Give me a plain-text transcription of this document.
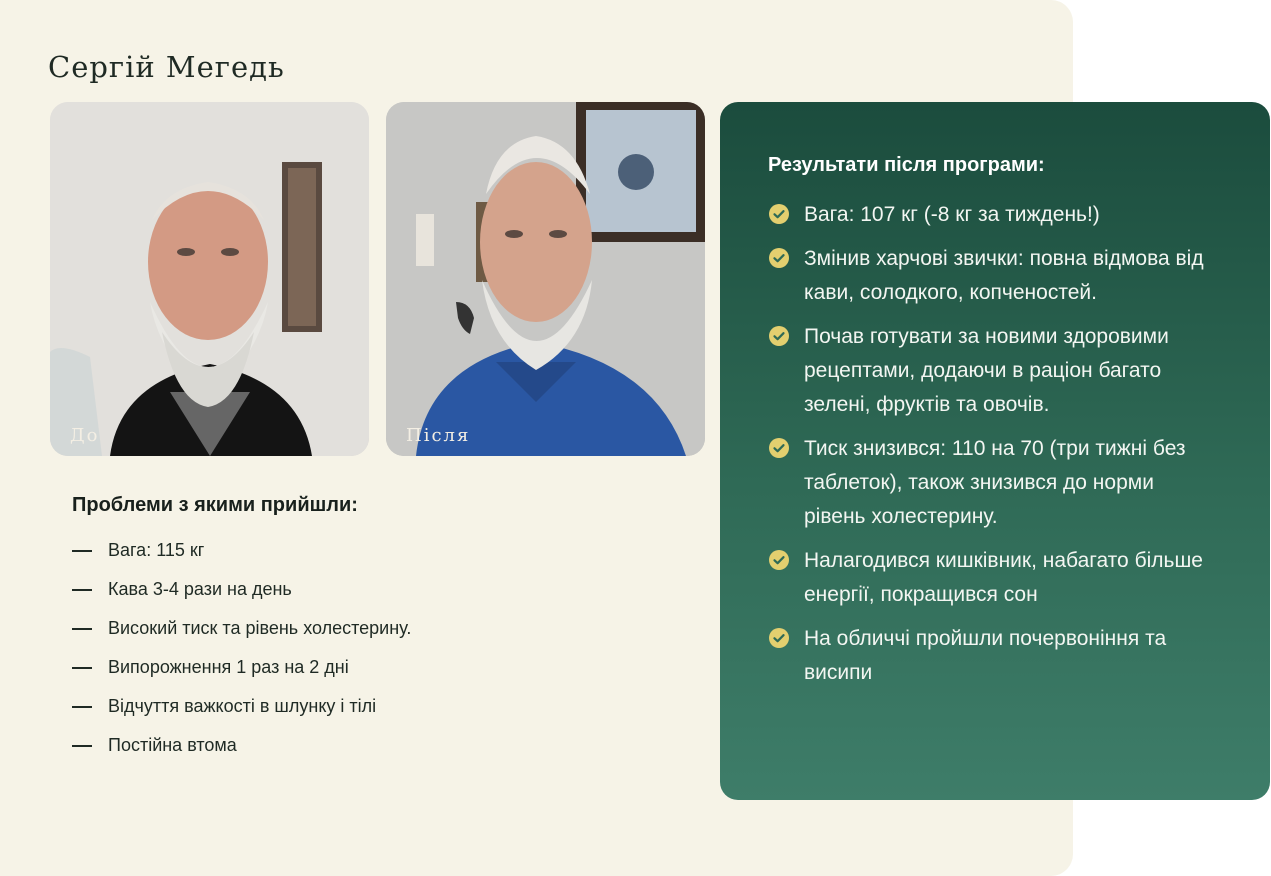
Сергій Мегедь
До	Після
Проблеми з якими прийшли:
Вага: 115 кг
Кава 3-4 рази на день
Високий тиск та рівень холестерину.
Випорожнення 1 раз на 2 дні
Відчуття важкості в шлунку і тілі
Постійна втома
Результати після програми:
Вага: 107 кг (-8 кг за тиждень!)
Змінив харчові звички: повна відмова від кави, солодкого, копченостей.
Почав готувати за новими здоровими рецептами, додаючи в раціон багато зелені, фруктів та овочів.
Тиск знизився: 110 на 70 (три тижні без таблеток), також знизився до норми рівень холестерину.
Налагодився кишківник, набагато більше енергії, покращився сон
На обличчі пройшли почервоніння та висипи
